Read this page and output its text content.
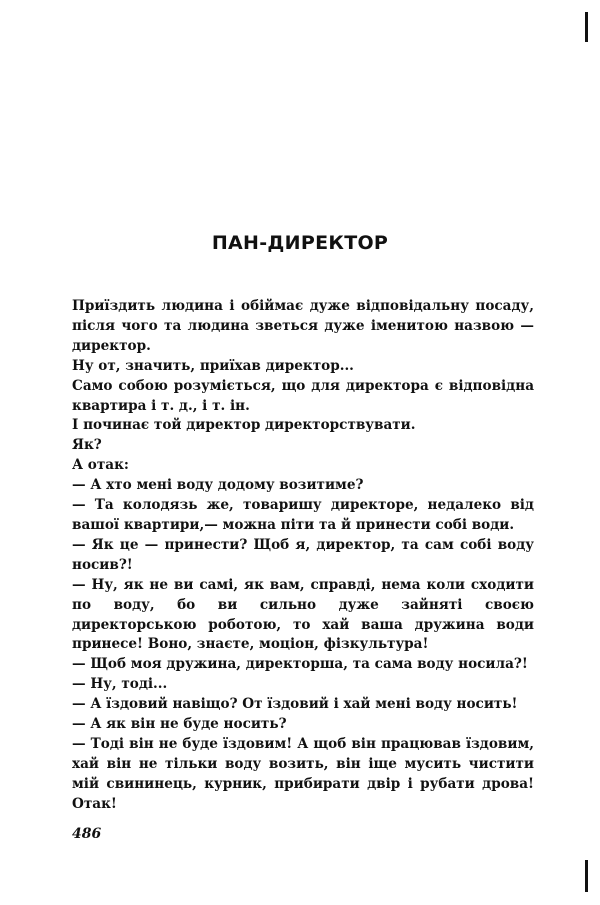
ПАН-ДИРЕКТОР

Приїздить людина і обіймає дуже відповідальну посаду, після чого та людина зветься дуже іменитою назвою — директор.

Ну от, значить, приїхав директор...

Само собою розуміється, що для директора є відповідна квартира і т. д., і т. ін.

І починає той директор директорствувати.

Як?

А отак:

— А хто мені воду додому возитиме?

— Та колодязь же, товаришу директоре, недалеко від вашої квартири,— можна піти та й принести собі води.

— Як це — принести? Щоб я, директор, та сам собі воду носив?!

— Ну, як не ви самі, як вам, справді, нема коли сходити по воду, бо ви сильно дуже зайняті своєю директорською роботою, то хай ваша дружина води принесе! Воно, знаєте, моціон, фізкультура!

— Щоб моя дружина, директорша, та сама воду носила?!

— Ну, тоді...

— А їздовий навіщо? От їздовий і хай мені воду носить!

— А як він не буде носить?

— Тоді він не буде їздовим! А щоб він працював їздовим, хай він не тільки воду возить, він іще мусить чистити мій свининець, курник, прибирати двір і рубати дрова! Отак!

486
